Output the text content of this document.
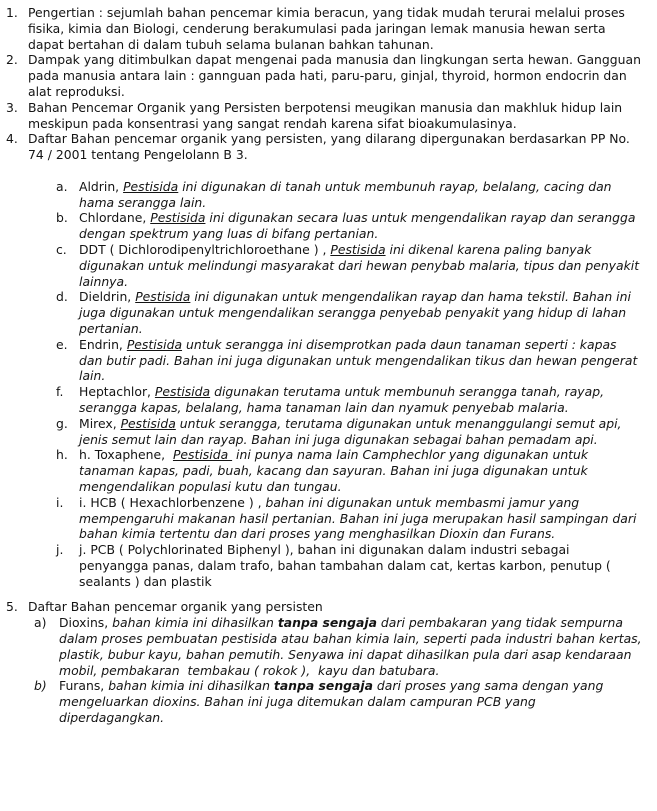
1. Pengertian : sejumlah bahan pencemar kimia beracun, yang tidak mudah terurai melalui proses fisika, kimia dan Biologi, cenderung berakumulasi pada jaringan lemak manusia hewan serta dapat bertahan di dalam tubuh selama bulanan bahkan tahunan.
2. Dampak yang ditimbulkan dapat mengenai pada manusia dan lingkungan serta hewan. Gangguan pada manusia antara lain : gannguan pada hati, paru-paru, ginjal, thyroid, hormon endocrin dan alat reproduksi.
3. Bahan Pencemar Organik yang Persisten berpotensi meugikan manusia dan makhluk hidup lain meskipun pada konsentrasi yang sangat rendah karena sifat bioakumulasinya.
4. Daftar Bahan pencemar organik yang persisten, yang dilarang dipergunakan berdasarkan PP No. 74 / 2001 tentang Pengelolann B 3.
a. Aldrin, Pestisida ini digunakan di tanah untuk membunuh rayap, belalang, cacing dan hama serangga lain.
b. Chlordane, Pestisida ini digunakan secara luas untuk mengendalikan rayap dan serangga dengan spektrum yang luas di bifang pertanian.
c. DDT ( Dichlorodipenyltrichloroethane ) , Pestisida ini dikenal karena paling banyak digunakan untuk melindungi masyarakat dari hewan penybab malaria, tipus dan penyakit lainnya.
d. Dieldrin, Pestisida ini digunakan untuk mengendalikan rayap dan hama tekstil. Bahan ini juga digunakan untuk mengendalikan serangga penyebab penyakit yang hidup di lahan pertanian.
e. Endrin, Pestisida untuk serangga ini disemprotkan pada daun tanaman seperti : kapas dan butir padi. Bahan ini juga digunakan untuk mengendalikan tikus dan hewan pengerat lain.
f.	Heptachlor, Pestisida digunakan terutama untuk membunuh serangga tanah, rayap, serangga kapas, belalang, hama tanaman lain dan nyamuk penyebab malaria.
g. Mirex, Pestisida untuk serangga, terutama digunakan untuk menanggulangi semut api, jenis semut lain dan rayap. Bahan ini juga digunakan sebagai bahan pemadam api.
h. h. Toxaphene,  Pestisida  ini punya nama lain Camphechlor yang digunakan untuk tanaman kapas, padi, buah, kacang dan sayuran. Bahan ini juga digunakan untuk mengendalikan populasi kutu dan tungau.
i.	i. HCB ( Hexachlorbenzene ) , bahan ini digunakan untuk membasmi jamur yang mempengaruhi makanan hasil pertanian. Bahan ini juga merupakan hasil sampingan dari bahan kimia tertentu dan dari proses yang menghasilkan Dioxin dan Furans.
j.	j. PCB ( Polychlorinated Biphenyl ), bahan ini digunakan dalam industri sebagai penyangga panas, dalam trafo, bahan tambahan dalam cat, kertas karbon, penutup ( sealants ) dan plastik
5. Daftar Bahan pencemar organik yang persisten
a)	Dioxins, bahan kimia ini dihasilkan tanpa sengaja dari pembakaran yang tidak sempurna dalam proses pembuatan pestisida atau bahan kimia lain, seperti pada industri bahan kertas, plastik, bubur kayu, bahan pemutih. Senyawa ini dapat dihasilkan pula dari asap kendaraan mobil, pembakaran  tembakau ( rokok ),  kayu dan batubara.
b) Furans, bahan kimia ini dihasilkan tanpa sengaja dari proses yang sama dengan yang mengeluarkan dioxins. Bahan ini juga ditemukan dalam campuran PCB yang diperdagangkan.
